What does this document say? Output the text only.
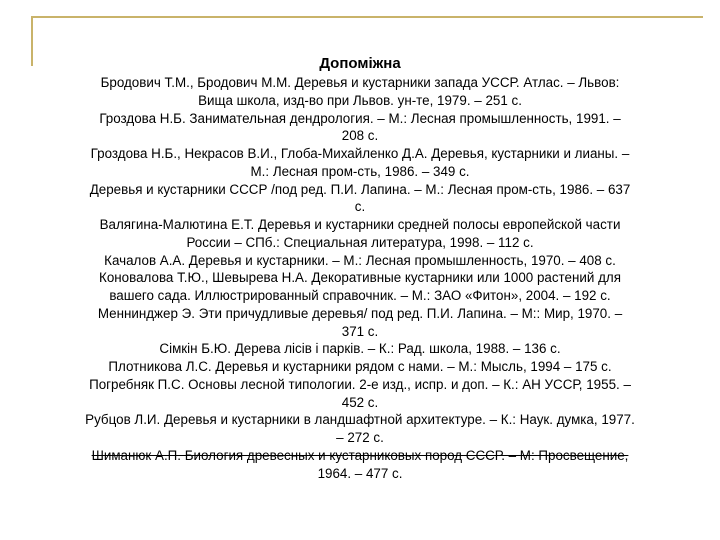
Допоміжна
Бродович Т.М., Бродович М.М. Деревья и кустарники запада УССР. Атлас. – Львов:
Вища школа, изд-во при Львов. ун-те, 1979. – 251 с.
Гроздова Н.Б. Занимательная дендрология. – М.: Лесная промышленность, 1991. –
208 с.
Гроздова Н.Б., Некрасов В.И., Глоба-Михайленко Д.А. Деревья, кустарники и лианы. –
М.: Лесная пром-сть, 1986. – 349 с.
Деревья и кустарники СССР /под ред. П.И. Лапина. – М.: Лесная пром-сть, 1986. – 637
с.
Валягина-Малютина Е.Т. Деревья и кустарники средней полосы европейской части
России – СПб.: Специальная литература, 1998. – 112 с.
Качалов А.А. Деревья и кустарники. – М.: Лесная промышленность, 1970. – 408 с.
Коновалова Т.Ю., Шевырева Н.А. Декоративные кустарники или 1000 растений для
вашего сада. Иллюстрированный справочник. – М.: ЗАО «Фитон», 2004. – 192 с.
Меннинджер Э. Эти причудливые деревья/ под ред. П.И. Лапина. – М:: Мир, 1970. –
371 с.
Сімкін Б.Ю. Дерева лісів і парків. – К.: Рад. школа, 1988. – 136 с.
Плотникова Л.С. Деревья и кустарники рядом с нами. – М.: Мысль, 1994 – 175 с.
Погребняк П.С. Основы лесной типологии. 2-е изд., испр. и доп. – К.: АН УССР, 1955. –
452 с.
Рубцов Л.И. Деревья и кустарники в ландшафтной архитектуре. – К.: Наук. думка, 1977.
– 272 с.
Шиманюк А.П. Биология древесных и кустарниковых пород СССР. – М: Просвещение,
1964. – 477 с.
